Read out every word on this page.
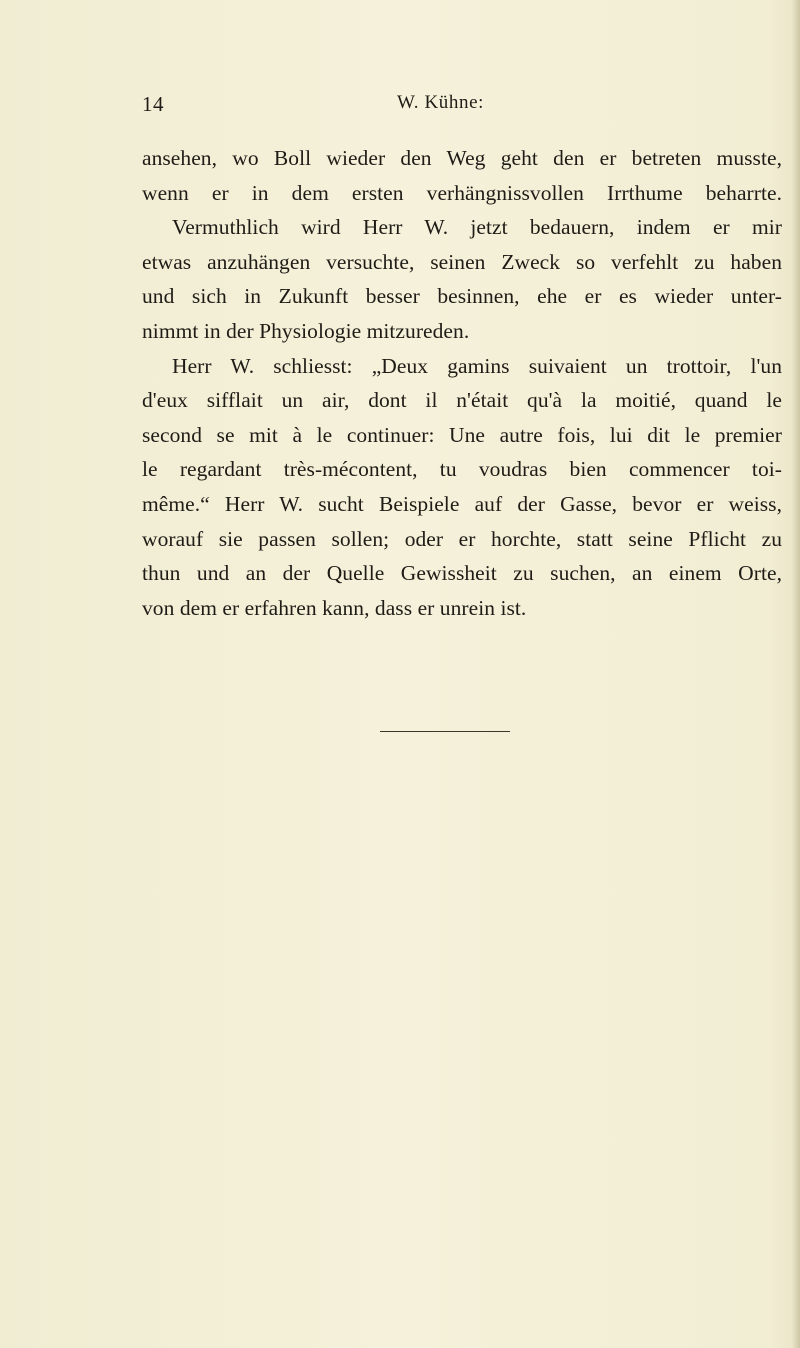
14	W. Kühne:
ansehen, wo Boll wieder den Weg geht den er betreten musste,
wenn er in dem ersten verhängnissvollen Irrthume beharrte.
Vermuthlich wird Herr W. jetzt bedauern, indem er mir
etwas anzuhängen versuchte, seinen Zweck so verfehlt zu haben
und sich in Zukunft besser besinnen, ehe er es wieder unter-
nimmt in der Physiologie mitzureden.
Herr W. schliesst: „Deux gamins suivaient un trottoir, l'un
d'eux sifflait un air, dont il n'était qu'à la moitié, quand le
second se mit à le continuer: Une autre fois, lui dit le premier
le regardant très-mécontent, tu voudras bien commencer toi-
même.“ Herr W. sucht Beispiele auf der Gasse, bevor er weiss,
worauf sie passen sollen; oder er horchte, statt seine Pflicht zu
thun und an der Quelle Gewissheit zu suchen, an einem Orte,
von dem er erfahren kann, dass er unrein ist.
